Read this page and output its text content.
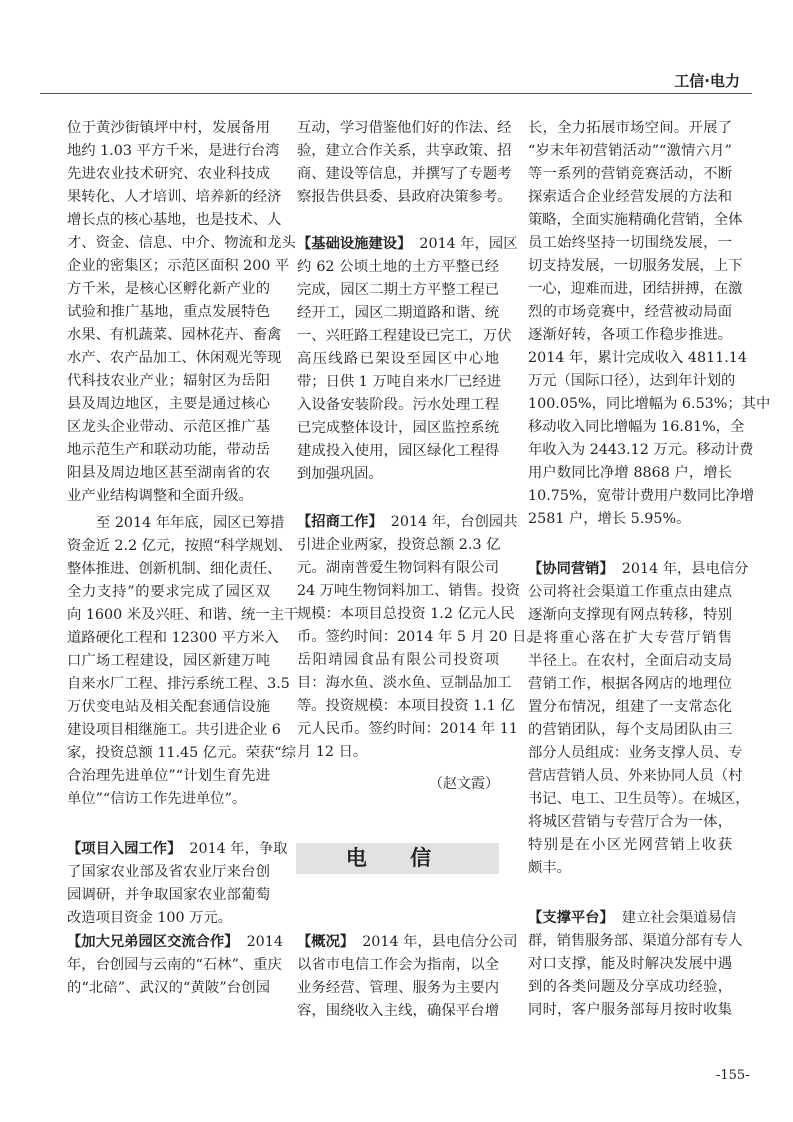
工信·电力
位于黄沙街镇坪中村，发展备用
地约 1.03 平方千米，是进行台湾
先进农业技术研究、农业科技成
果转化、人才培训、培养新的经济
增长点的核心基地，也是技术、人
才、资金、信息、中介、物流和龙头
企业的密集区；示范区面积 200 平
方千米，是核心区孵化新产业的
试验和推广基地，重点发展特色
水果、有机蔬菜、园林花卉、畜禽
水产、农产品加工、休闲观光等现
代科技农业产业；辐射区为岳阳
县及周边地区，主要是通过核心
区龙头企业带动、示范区推广基
地示范生产和联动功能，带动岳
阳县及周边地区甚至湖南省的农
业产业结构调整和全面升级。
至 2014 年年底，园区已筹措
资金近 2.2 亿元，按照“科学规划、
整体推进、创新机制、细化责任、
全力支持”的要求完成了园区双
向 1600 米及兴旺、和谐、统一主干
道路硬化工程和 12300 平方米入
口广场工程建设，园区新建万吨
自来水厂工程、排污系统工程、3.5
万伏变电站及相关配套通信设施
建设项目相继施工。共引进企业 6
家，投资总额 11.45 亿元。荣获“综
合治理先进单位”“计划生育先进
单位”“信访工作先进单位”。
【项目入园工作】 2014 年，争取
了国家农业部及省农业厅来台创
园调研，并争取国家农业部葡萄
改造项目资金 100 万元。
【加大兄弟园区交流合作】 2014
年，台创园与云南的“石林”、重庆
的“北碚”、武汉的“黄陂”台创园
互动，学习借鉴他们好的作法、经
验，建立合作关系，共享政策、招
商、建设等信息，并撰写了专题考
察报告供县委、县政府决策参考。
【基础设施建设】 2014 年，园区
约 62 公顷土地的土方平整已经
完成，园区二期土方平整工程已
经开工，园区二期道路和谐、统
一、兴旺路工程建设已完工，万伏
高压线路已架设至园区中心地
带；日供 1 万吨自来水厂已经进
入设备安装阶段。污水处理工程
已完成整体设计，园区监控系统
建成投入使用，园区绿化工程得
到加强巩固。
【招商工作】 2014 年，台创园共
引进企业两家，投资总额 2.3 亿
元。湖南普爱生物饲料有限公司
24 万吨生物饲料加工、销售。投资
规模：本项目总投资 1.2 亿元人民
币。签约时间：2014 年 5 月 20 日。
岳阳靖园食品有限公司投资项
目：海水鱼、淡水鱼、豆制品加工
等。投资规模：本项目投资 1.1 亿
元人民币。签约时间：2014 年 11
月 12 日。
（赵文霞）
电 信
【概况】 2014 年，县电信分公司
以省市电信工作会为指南，以全
业务经营、管理、服务为主要内
容，围绕收入主线，确保平台增
长，全力拓展市场空间。开展了
“岁末年初营销活动”“激情六月”
等一系列的营销竞赛活动，不断
探索适合企业经营发展的方法和
策略，全面实施精确化营销，全体
员工始终坚持一切围绕发展，一
切支持发展，一切服务发展，上下
一心，迎难而进，团结拼搏，在激
烈的市场竞赛中，经营被动局面
逐渐好转，各项工作稳步推进。
2014 年，累计完成收入 4811.14
万元（国际口径），达到年计划的
100.05%，同比增幅为 6.53%；其中
移动收入同比增幅为 16.81%，全
年收入为 2443.12 万元。移动计费
用户数同比净增 8868 户，增长
10.75%，宽带计费用户数同比净增
2581 户，增长 5.95%。
【协同营销】 2014 年，县电信分
公司将社会渠道工作重点由建点
逐渐向支撑现有网点转移，特别
是将重心落在扩大专营厅销售
半径上。在农村，全面启动支局
营销工作，根据各网店的地理位
置分布情况，组建了一支常态化
的营销团队，每个支局团队由三
部分人员组成：业务支撑人员、专
营店营销人员、外来协同人员（村
书记、电工、卫生员等）。在城区，
将城区营销与专营厅合为一体，
特别是在小区光网营销上收获
颇丰。
【支撑平台】 建立社会渠道易信
群，销售服务部、渠道分部有专人
对口支撑，能及时解决发展中遇
到的各类问题及分享成功经验，
同时，客户服务部每月按时收集
-155-
